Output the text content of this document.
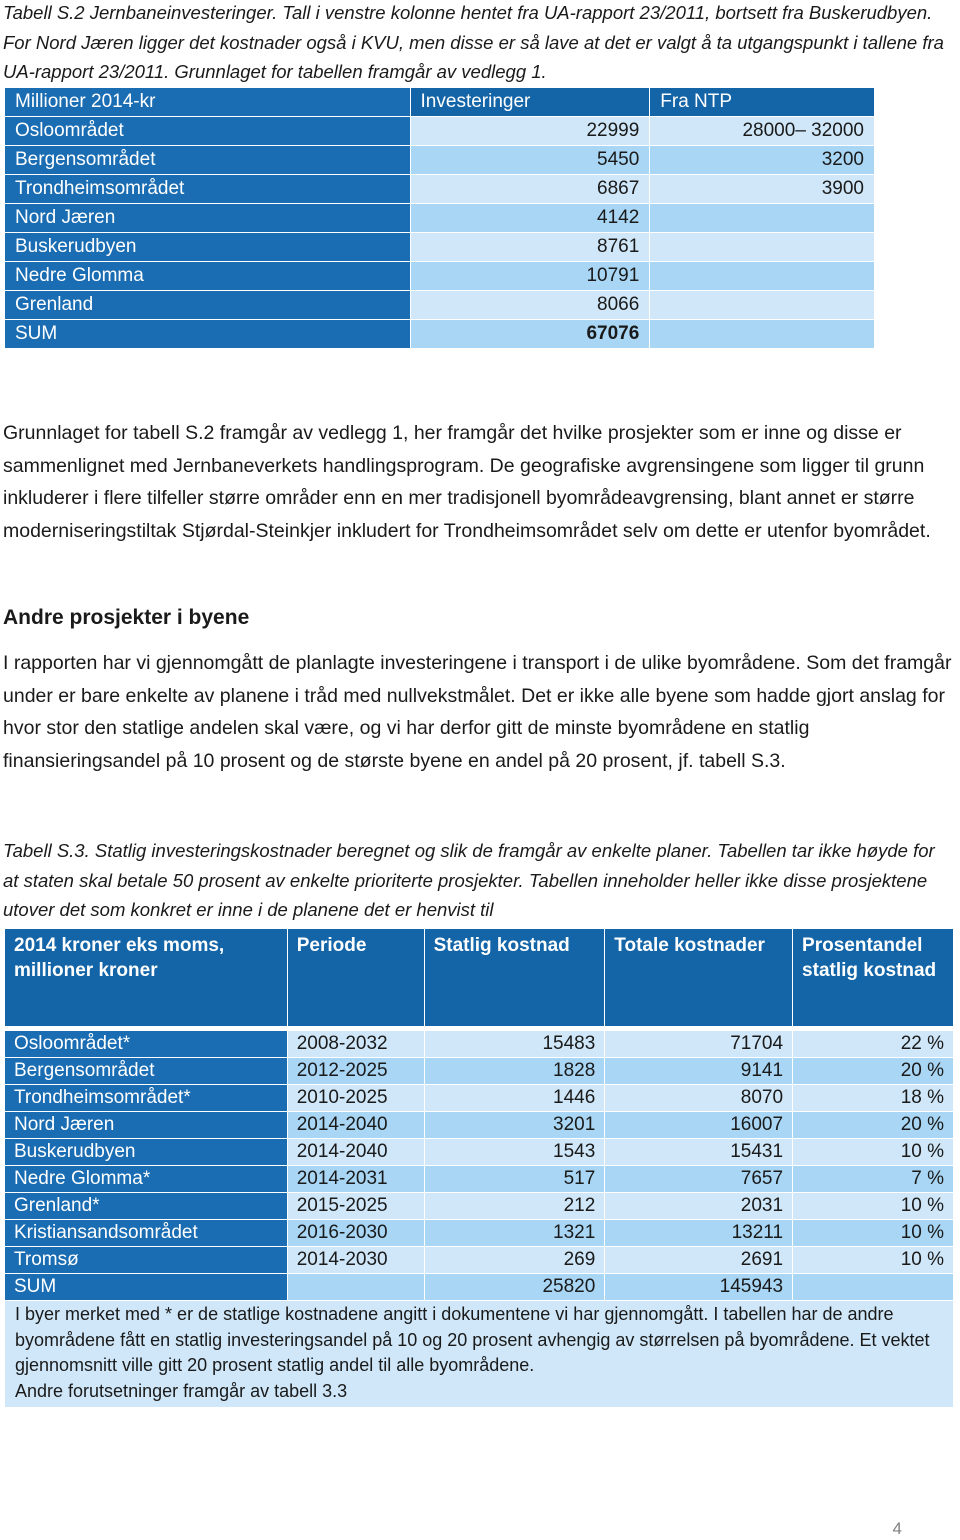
Tabell S.2 Jernbaneinvesteringer. Tall i venstre kolonne hentet fra UA-rapport 23/2011, bortsett fra Buskerudbyen. For Nord Jæren ligger det kostnader også i KVU, men disse er så lave at det er valgt å ta utgangspunkt i tallene fra UA-rapport 23/2011. Grunnlaget for tabellen framgår av vedlegg 1.
Millioner 2014-kr	Investeringer	Fra NTP
Osloområdet	22999	28000– 32000
Bergensområdet	5450	3200
Trondheimsområdet	6867	3900
Nord Jæren	4142	
Buskerudbyen	8761	
Nedre Glomma	10791	
Grenland	8066	
SUM	67076	
Grunnlaget for tabell S.2 framgår av vedlegg 1, her framgår det hvilke prosjekter som er inne og disse er sammenlignet med Jernbaneverkets handlingsprogram. De geografiske avgrensingene som ligger til grunn inkluderer i flere tilfeller større områder enn en mer tradisjonell byområdeavgrensing, blant annet er større moderniseringstiltak Stjørdal-Steinkjer inkludert for Trondheimsområdet selv om dette er utenfor byområdet.
Andre prosjekter i byene
I rapporten har vi gjennomgått de planlagte investeringene i transport i de ulike byområdene. Som det framgår under er bare enkelte av planene i tråd med nullvekstmålet. Det er ikke alle byene som hadde gjort anslag for hvor stor den statlige andelen skal være, og vi har derfor gitt de minste byområdene en statlig finansieringsandel på 10 prosent og de største byene en andel på 20 prosent, jf. tabell S.3.
Tabell S.3. Statlig investeringskostnader beregnet og slik de framgår av enkelte planer. Tabellen tar ikke høyde for at staten skal betale 50 prosent av enkelte prioriterte prosjekter. Tabellen inneholder heller ikke disse prosjektene utover det som konkret er inne i de planene det er henvist til
2014 kroner eks moms, millioner kroner	Periode	Statlig kostnad	Totale kostnader	Prosentandel statlig kostnad

Osloområdet*	2008-2032	15483	71704	22 %
Bergensområdet	2012-2025	1828	9141	20 %
Trondheimsområdet*	2010-2025	1446	8070	18 %
Nord Jæren	2014-2040	3201	16007	20 %
Buskerudbyen	2014-2040	1543	15431	10 %
Nedre Glomma*	2014-2031	517	7657	7 %
Grenland*	2015-2025	212	2031	10 %
Kristiansandsområdet	2016-2030	1321	13211	10 %
Tromsø	2014-2030	269	2691	10 %
SUM		25820	145943	

I byer merket med * er de statlige kostnadene angitt i dokumentene vi har gjennomgått. I tabellen har de andre byområdene fått en statlig investeringsandel på 10 og 20 prosent avhengig av størrelsen på byområdene. Et vektet gjennomsnitt ville gitt 20 prosent statlig andel til alle byområdene.
Andre forutsetninger framgår av tabell 3.3				
4
